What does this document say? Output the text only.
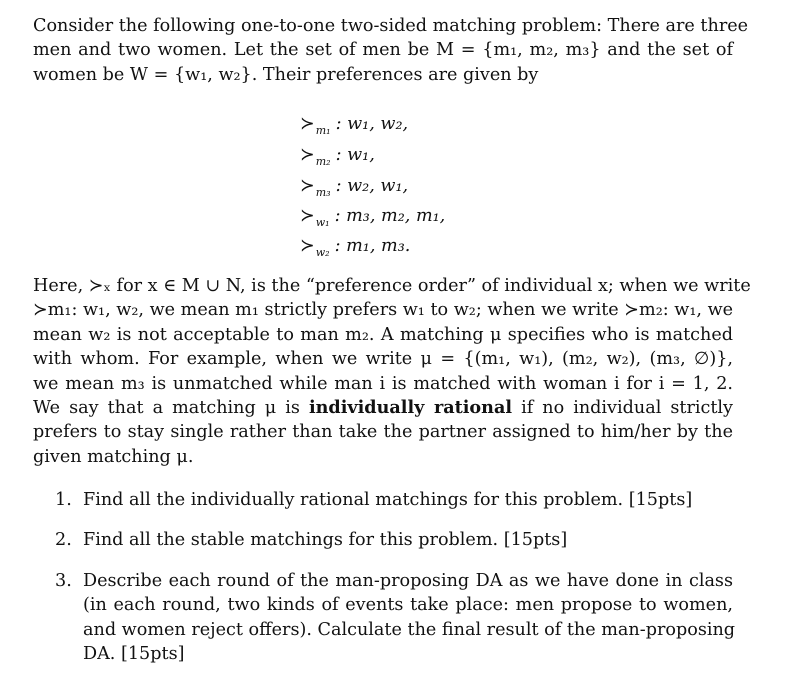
Consider the following one-to-one two-sided matching problem: There are three
men and two women. Let the set of men be M = {m₁, m₂, m₃} and the set of
women be W = {w₁, w₂}. Their preferences are given by
$≻_{m_1}$ : w₁, w₂,
$≻_{m_2}$ : w₁,
$≻_{m_3}$ : w₂, w₁,
$≻_{w_1}$ : m₃, m₂, m₁,
$≻_{w_2}$ : m₁, m₃.
Here, ≻ₓ for x ∈ M ∪ N, is the “preference order” of individual x; when we write
≻m₁: w₁, w₂, we mean m₁ strictly prefers w₁ to w₂; when we write ≻m₂: w₁, we
mean w₂ is not acceptable to man m₂. A matching μ specifies who is matched
with whom. For example, when we write μ = {(m₁, w₁), (m₂, w₂), (m₃, ∅)},
we mean m₃ is unmatched while man i is matched with woman i for i = 1, 2.
We say that a matching μ is individually rational if no individual strictly
prefers to stay single rather than take the partner assigned to him/her by the
given matching μ.
1. Find all the individually rational matchings for this problem. [15pts]
2. Find all the stable matchings for this problem. [15pts]
3. Describe each round of the man-proposing DA as we have done in class
(in each round, two kinds of events take place: men propose to women,
and women reject offers). Calculate the final result of the man-proposing
DA. [15pts]
